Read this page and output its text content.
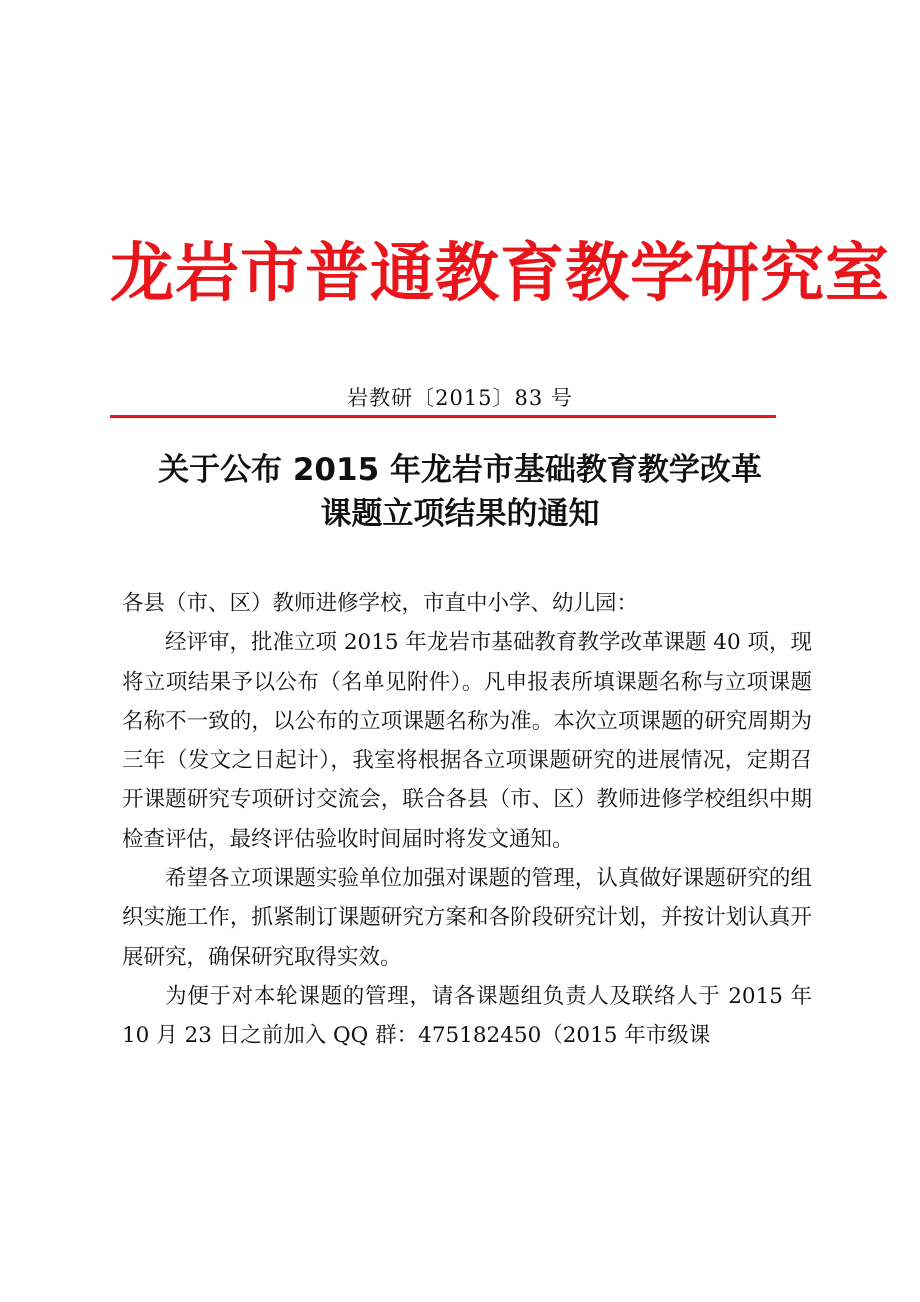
龙岩市普通教育教学研究室
岩教研〔2015〕83 号
关于公布 2015 年龙岩市基础教育教学改革
课题立项结果的通知

各县（市、区）教师进修学校，市直中小学、幼儿园：

经评审，批准立项 2015 年龙岩市基础教育教学改革课题 40 项，现将立项结果予以公布（名单见附件）。凡申报表所填课题名称与立项课题名称不一致的，以公布的立项课题名称为准。本次立项课题的研究周期为三年（发文之日起计），我室将根据各立项课题研究的进展情况，定期召开课题研究专项研讨交流会，联合各县（市、区）教师进修学校组织中期检查评估，最终评估验收时间届时将发文通知。

希望各立项课题实验单位加强对课题的管理，认真做好课题研究的组织实施工作，抓紧制订课题研究方案和各阶段研究计划，并按计划认真开展研究，确保研究取得实效。

为便于对本轮课题的管理，请各课题组负责人及联络人于 2015 年 10 月 23 日之前加入 QQ 群：475182450（2015 年市级课
